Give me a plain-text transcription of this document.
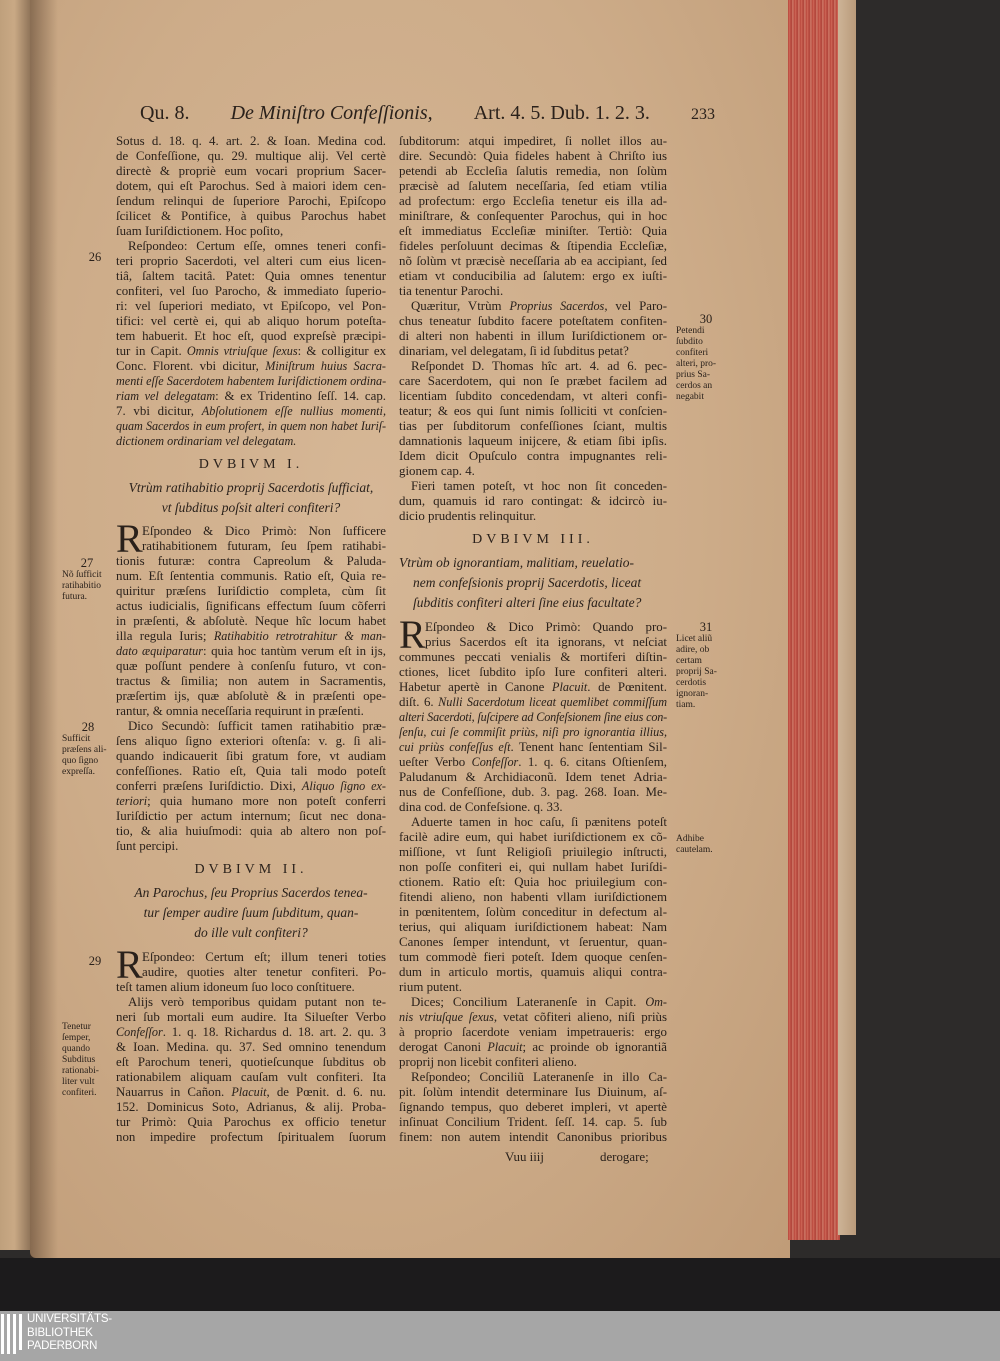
Qu. 8. De Miniſtro Confeſſionis, Art. 4. 5. Dub. 1. 2. 3.	233
Sotus d. 18. q. 4. art. 2. & Ioan. Medina cod.
de Confeſſione, qu. 29. multique alij. Vel certè
directè & propriè eum vocari proprium Sacer-
dotem, qui eſt Parochus. Sed à maiori idem cen-
ſendum relinqui de ſuperiore Parochi, Epiſcopo
ſcilicet & Pontifice, à quibus Parochus habet
ſuam Iuriſdictionem. Hoc poſito,
Reſpondeo: Certum eſſe, omnes teneri confi-
teri proprio Sacerdoti, vel alteri cum eius licen-
tiâ, ſaltem tacitâ. Patet: Quia omnes tenentur
confiteri, vel ſuo Parocho, & immediato ſuperio-
ri: vel ſuperiori mediato, vt Epiſcopo, vel Pon-
tifici: vel certè ei, qui ab aliquo horum poteſta-
tem habuerit. Et hoc eſt, quod expreſsè præcipi-
tur in Capit. Omnis vtriuſque ſexus: & colligitur ex
Conc. Florent. vbi dicitur, Miniſtrum huius Sacra-
menti eſſe Sacerdotem habentem Iuriſdictionem ordina-
riam vel delegatam: & ex Tridentino ſeſſ. 14. cap.
7. vbi dicitur, Abſolutionem eſſe nullius momenti,
quam Sacerdos in eum profert, in quem non habet Iuriſ-
dictionem ordinariam vel delegatam.
DVBIVM I.
Vtrùm ratihabitio proprij Sacerdotis ſufficiat,
vt ſubditus poſsit alteri confiteri?
R Eſpondeo & Dico Primò: Non ſufficere
ratihabitionem futuram, ſeu ſpem ratihabi-
tionis futuræ: contra Capreolum & Paluda-
num. Eſt ſententia communis. Ratio eſt, Quia re-
quiritur præſens Iuriſdictio completa, cùm ſit
actus iudicialis, ſignificans effectum ſuum cõferri
in præſenti, & abſolutè. Neque hîc locum habet
illa regula Iuris; Ratihabitio retrotrahitur & man-
dato æquiparatur: quia hoc tantùm verum eſt in ijs,
quæ poſſunt pendere à conſenſu futuro, vt con-
tractus & ſimilia; non autem in Sacramentis,
præſertim ijs, quæ abſolutè & in præſenti ope-
rantur, & omnia neceſſaria requirunt in præſenti.
Dico Secundò: ſufficit tamen ratihabitio præ-
ſens aliquo ſigno exteriori oſtenſa: v. g. ſi ali-
quando indicauerit ſibi gratum fore, vt audiam
confeſſiones. Ratio eſt, Quia tali modo poteſt
conferri præſens Iuriſdictio. Dixi, Aliquo ſigno ex-
teriori; quia humano more non poteſt conferri
Iuriſdictio per actum internum; ſicut nec dona-
tio, & alia huiuſmodi: quia ab altero non poſ-
ſunt percipi.
DVBIVM II.
An Parochus, ſeu Proprius Sacerdos tenea-
tur ſemper audire ſuum ſubditum, quan-
do ille vult confiteri?
R Eſpondeo: Certum eſt; illum teneri toties
audire, quoties alter tenetur confiteri. Po-
teſt tamen alium idoneum ſuo loco conſtituere.
Alijs verò temporibus quidam putant non te-
neri ſub mortali eum audire. Ita Silueſter Verbo
Confeſſor. 1. q. 18. Richardus d. 18. art. 2. qu. 3
& Ioan. Medina. qu. 37. Sed omnino tenendum
eſt Parochum teneri, quotieſcunque ſubditus ob
rationabilem aliquam cauſam vult confiteri. Ita
Nauarrus in Cañon. Placuit, de Pœnit. d. 6. nu.
152. Dominicus Soto, Adrianus, & alij. Proba-
tur Primò: Quia Parochus ex officio tenetur
non impedire profectum ſpiritualem ſuorum
ſubditorum: atqui impediret, ſi nollet illos au-
dire. Secundò: Quia fideles habent à Chriſto ius
petendi ab Eccleſia ſalutis remedia, non ſolùm
præcisè ad ſalutem neceſſaria, ſed etiam vtilia
ad profectum: ergo Eccleſia tenetur eis illa ad-
miniſtrare, & conſequenter Parochus, qui in hoc
eſt immediatus Eccleſiæ miniſter. Tertiò: Quia
fideles perſoluunt decimas & ſtipendia Eccleſiæ,
nõ ſolùm vt præcisè neceſſaria ab ea accipiant, ſed
etiam vt conducibilia ad ſalutem: ergo ex iuſti-
tia tenentur Parochi.
Quæritur, Vtrùm Proprius Sacerdos, vel Paro-
chus teneatur ſubdito facere poteſtatem confiten-
di alteri non habenti in illum Iuriſdictionem or-
dinariam, vel delegatam, ſi id ſubditus petat?
Reſpondet D. Thomas hîc art. 4. ad 6. pec-
care Sacerdotem, qui non ſe præbet facilem ad
licentiam ſubdito concedendam, vt alteri confi-
teatur; & eos qui ſunt nimis ſolliciti vt conſcien-
tias per ſubditorum confeſſiones ſciant, multis
damnationis laqueum inijcere, & etiam ſibi ipſis.
Idem dicit Opuſculo contra impugnantes reli-
gionem cap. 4.
Fieri tamen poteſt, vt hoc non ſit conceden-
dum, quamuis id raro contingat: & idcircò iu-
dicio prudentis relinquitur.
DVBIVM III.
Vtrùm ob ignorantiam, malitiam, reuelatio-
nem confeſsionis proprij Sacerdotis, liceat
ſubditis confiteri alteri ſine eius facultate?
R Eſpondeo & Dico Primò: Quando pro-
prius Sacerdos eſt ita ignorans, vt neſciat
communes peccati venialis & mortiferi diſtin-
ctiones, licet ſubdito ipſo Iure confiteri alteri.
Habetur apertè in Canone Placuit. de Pœnitent.
diſt. 6. Nulli Sacerdotum liceat quemlibet commiſſum
alteri Sacerdoti, ſuſcipere ad Confeſsionem ſine eius con-
ſenſu, cui ſe commiſit priùs, niſi pro ignorantia illius,
cui priùs confeſſus eſt. Tenent hanc ſententiam Sil-
ueſter Verbo Confeſſor. 1. q. 6. citans Oſtienſem,
Paludanum & Archidiaconũ. Idem tenet Adria-
nus de Confeſſione, dub. 3. pag. 268. Ioan. Me-
dina cod. de Confeſsione. q. 33.
Aduerte tamen in hoc caſu, ſi pænitens poteſt
facilè adire eum, qui habet iuriſdictionem ex cõ-
miſſione, vt ſunt Religioſi priuilegio inſtructi,
non poſſe confiteri ei, qui nullam habet Iuriſdi-
ctionem. Ratio eſt: Quia hoc priuilegium con-
fitendi alieno, non habenti vllam iuriſdictionem
in pœnitentem, ſolùm conceditur in defectum al-
terius, qui aliquam iuriſdictionem habeat: Nam
Canones ſemper intendunt, vt ſeruentur, quan-
tum commodè fieri poteſt. Idem quoque cenſen-
dum in articulo mortis, quamuis aliqui contra-
rium putent.
Dices; Concilium Lateranenſe in Capit. Om-
nis vtriuſque ſexus, vetat cõfiteri alieno, niſi priùs
à proprio ſacerdote veniam impetraueris: ergo
derogat Canoni Placuit; ac proinde ob ignorantiã
proprij non licebit confiteri alieno.
Reſpondeo; Conciliũ Lateranenſe in illo Ca-
pit. ſolùm intendit determinare Ius Diuinum, aſ-
ſignando tempus, quo deberet impleri, vt apertè
inſinuat Concilium Trident. ſeſſ. 14. cap. 5. ſub
finem: non autem intendit Canonibus prioribus
Vuu iiij	derogare;
26
27
Nõ ſufficit
ratihabitio
futura.
28
Sufficit
præſens ali-
quo ſigno
expreſſa.
29
Tenetur
ſemper,
quando
Subditus
rationabi-
liter vult
confiteri.
30
Petendi
ſubdito
confiteri
alteri, pro-
prius Sa-
cerdos an
negabit
31
Licet aliũ
adire, ob
certam
proprij Sa-
cerdotis
ignoran-
tiam.
Adhibe
cautelam.
UNIVERSITÄTS-
BIBLIOTHEK
PADERBORN
